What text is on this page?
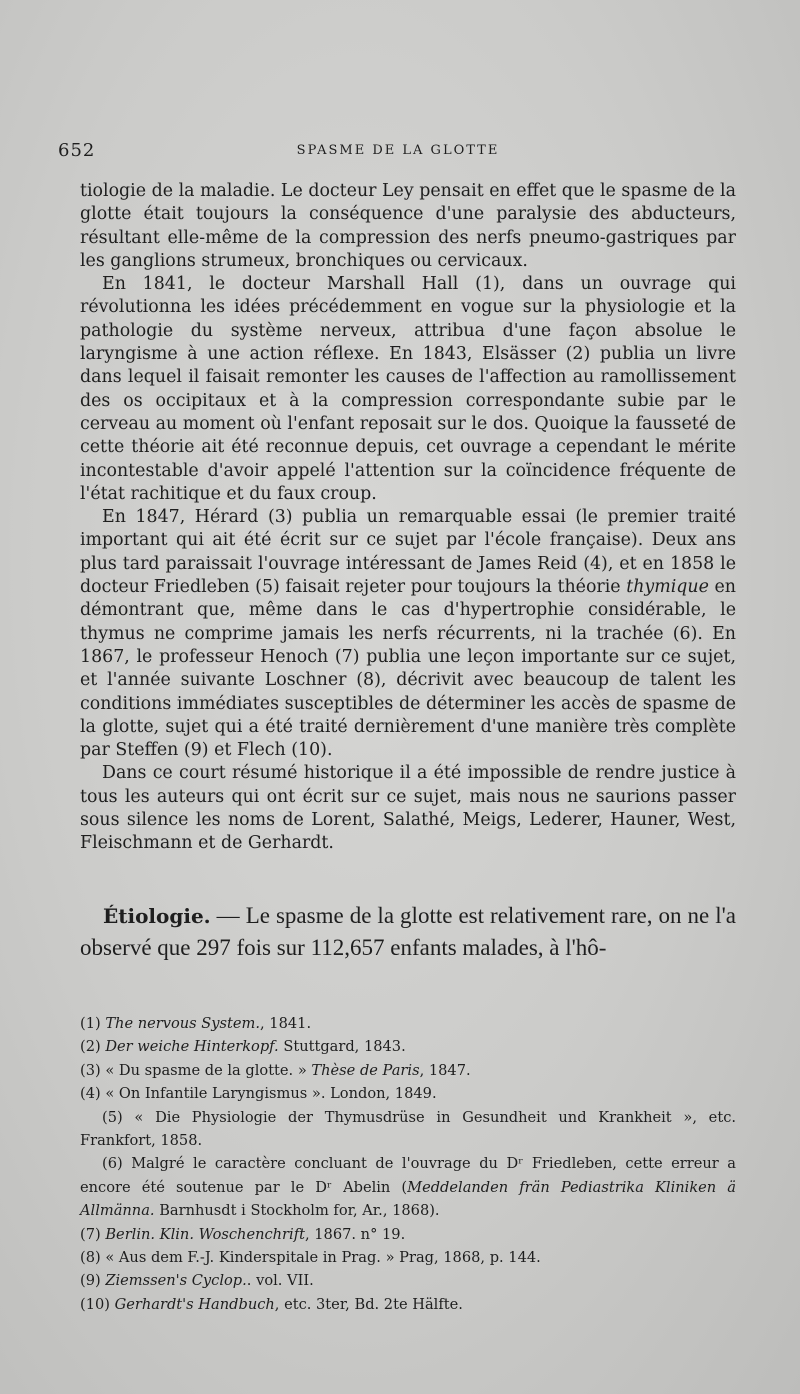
652	SPASME DE LA GLOTTE

tiologie de la maladie. Le docteur Ley pensait en effet que le spasme de la glotte était toujours la conséquence d'une paralysie des abducteurs, résultant elle-même de la compression des nerfs pneumo-gastriques par les ganglions strumeux, bronchiques ou cervicaux.

En 1841, le docteur Marshall Hall (1), dans un ouvrage qui révolutionna les idées précédemment en vogue sur la physiologie et la pathologie du système nerveux, attribua d'une façon absolue le laryngisme à une action réflexe. En 1843, Elsässer (2) publia un livre dans lequel il faisait remonter les causes de l'affection au ramollissement des os occipitaux et à la compression correspondante subie par le cerveau au moment où l'enfant reposait sur le dos. Quoique la fausseté de cette théorie ait été reconnue depuis, cet ouvrage a cependant le mérite incontestable d'avoir appelé l'attention sur la coïncidence fréquente de l'état rachitique et du faux croup.

En 1847, Hérard (3) publia un remarquable essai (le premier traité important qui ait été écrit sur ce sujet par l'école française). Deux ans plus tard paraissait l'ouvrage intéressant de James Reid (4), et en 1858 le docteur Friedleben (5) faisait rejeter pour toujours la théorie thymique en démontrant que, même dans le cas d'hypertrophie considérable, le thymus ne comprime jamais les nerfs récurrents, ni la trachée (6). En 1867, le professeur Henoch (7) publia une leçon importante sur ce sujet, et l'année suivante Loschner (8), décrivit avec beaucoup de talent les conditions immédiates susceptibles de déterminer les accès de spasme de la glotte, sujet qui a été traité dernièrement d'une manière très complète par Steffen (9) et Flech (10).

Dans ce court résumé historique il a été impossible de rendre justice à tous les auteurs qui ont écrit sur ce sujet, mais nous ne saurions passer sous silence les noms de Lorent, Salathé, Meigs, Lederer, Hauner, West, Fleischmann et de Gerhardt.

 Étiologie. — Le spasme de la glotte est relativement rare, on ne l'a observé que 297 fois sur 112,657 enfants malades, à l'hô-

(1) The nervous System., 1841.

(2) Der weiche Hinterkopf. Stuttgard, 1843.

(3) « Du spasme de la glotte. » Thèse de Paris, 1847.

(4) « On Infantile Laryngismus ». London, 1849.

(5) « Die Physiologie der Thymusdrüse in Gesundheit und Krankheit », etc. Frankfort, 1858.

(6) Malgré le caractère concluant de l'ouvrage du Dʳ Friedleben, cette erreur a encore été soutenue par le Dʳ Abelin (Meddelanden frän Pediastrika Kliniken ä Allmänna. Barnhusdt i Stockholm for, Ar., 1868).

(7) Berlin. Klin. Woschenchrift, 1867. n° 19.

(8) « Aus dem F.-J. Kinderspitale in Prag. » Prag, 1868, p. 144.

(9) Ziemssen's Cyclop.. vol. VII.

(10) Gerhardt's Handbuch, etc. 3ter, Bd. 2te Hälfte.
